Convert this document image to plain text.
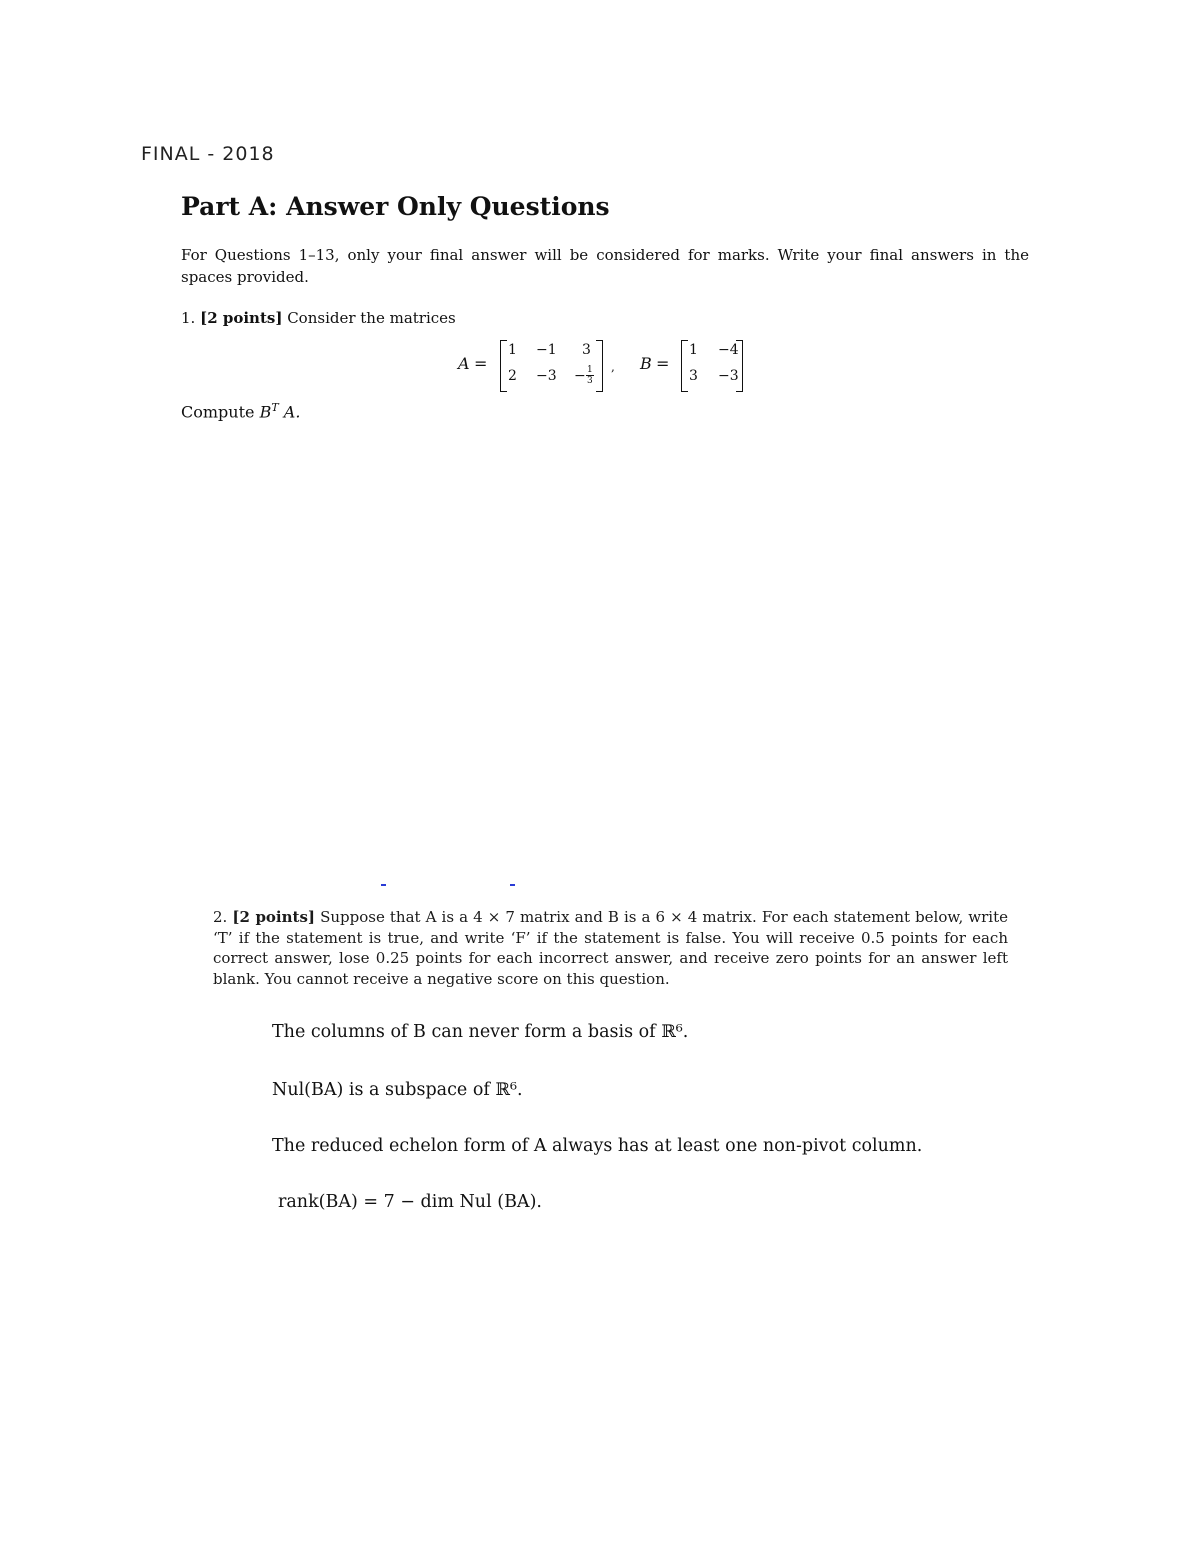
FINAL - 2018
Part A: Answer Only Questions
For Questions 1–13, only your final answer will be considered for marks. Write your final answers in the spaces provided.
1. [2 points] Consider the matrices
A =
1 −1 3
$2 -3 - \frac{1}{3}$ , B =
1 −4
3 −3
Compute $B^T$ A.
2. [2 points] Suppose that A is a 4 × 7 matrix and B is a 6 × 4 matrix. For each statement below, write ‘T’ if the statement is true, and write ‘F’ if the statement is false. You will receive 0.5 points for each correct answer, lose 0.25 points for each incorrect answer, and receive zero points for an answer left blank. You cannot receive a negative score on this question.
The columns of B can never form a basis of ℝ⁶.
Nul(BA) is a subspace of ℝ⁶.
The reduced echelon form of A always has at least one non-pivot column.
rank(BA) = 7 − dim Nul (BA).
